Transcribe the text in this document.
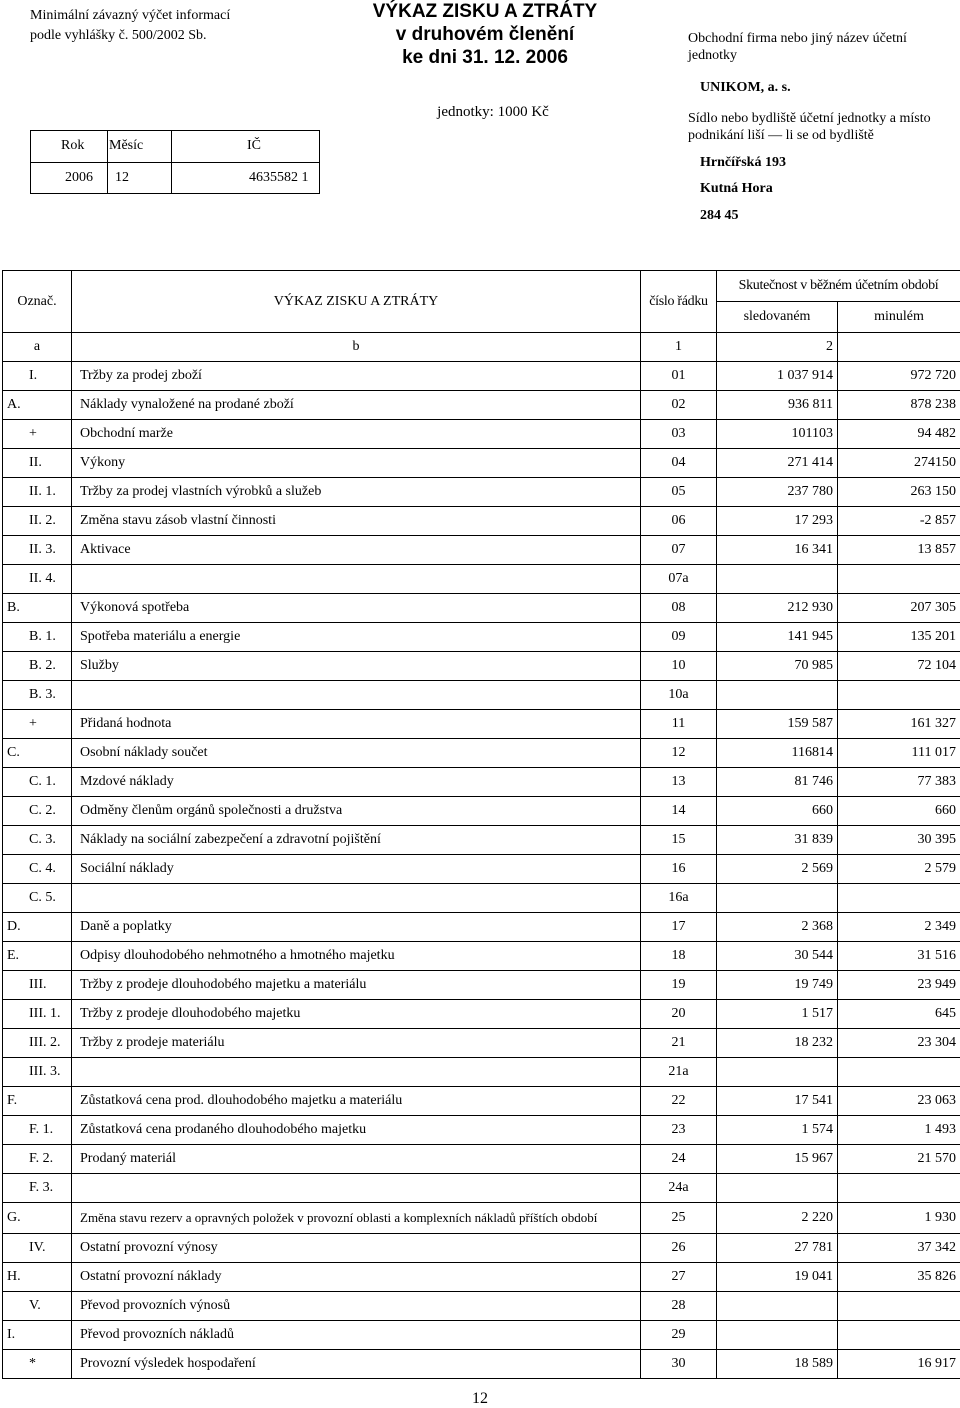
Minimální závazný výčet informací
podle vyhlášky č. 500/2002 Sb.
VÝKAZ ZISKU A ZTRÁTY
v druhovém členění
ke dni 31. 12. 2006
jednotky: 1000 Kč
Obchodní firma nebo jiný název účetní jednotky
UNIKOM, a. s.
Sídlo nebo bydliště účetní jednotky a místo podnikání liší — li se od bydliště
Hrnčířská 193
Kutná Hora
284 45
Rok Měsíc	IČ
2006 12	4635582 1
Označ.	VÝKAZ ZISKU A ZTRÁTY	číslo řádku	Skutečnost v běžném účetním období	
			sledovaném	minulém
a	b	1	2	
I.	Tržby za prodej zboží	01	1 037 914	972 720
A.	Náklady vynaložené na prodané zboží	02	936 811	878 238
+	Obchodní marže	03	101103	94 482
II.	Výkony	04	271 414	274150
II. 1.	Tržby za prodej vlastních výrobků a služeb	05	237 780	263 150
II. 2.	Změna stavu zásob vlastní činnosti	06	17 293	-2 857
II. 3.	Aktivace	07	16 341	13 857
II. 4.		07a		
B.	Výkonová spotřeba	08	212 930	207 305
B. 1.	Spotřeba materiálu a energie	09	141 945	135 201
B. 2.	Služby	10	70 985	72 104
B. 3.		10a		
+	Přidaná hodnota	11	159 587	161 327
C.	Osobní náklady součet	12	116814	111 017
C. 1.	Mzdové náklady	13	81 746	77 383
C. 2.	Odměny členům orgánů společnosti a družstva	14	660	660
C. 3.	Náklady na sociální zabezpečení a zdravotní pojištění	15	31 839	30 395
C. 4.	Sociální náklady	16	2 569	2 579
C. 5.		16a		
D.	Daně a poplatky	17	2 368	2 349
E.	Odpisy dlouhodobého nehmotného a hmotného majetku	18	30 544	31 516
III.	Tržby z prodeje dlouhodobého majetku a materiálu	19	19 749	23 949
III. 1.	Tržby z prodeje dlouhodobého majetku	20	1 517	645
III. 2.	Tržby z prodeje materiálu	21	18 232	23 304
III. 3.		21a		
F.	Zůstatková cena prod. dlouhodobého majetku a materiálu	22	17 541	23 063
F. 1.	Zůstatková cena prodaného dlouhodobého majetku	23	1 574	1 493
F. 2.	Prodaný materiál	24	15 967	21 570
F. 3.		24a		
G.	Změna stavu rezerv a opravných položek v provozní oblasti a komplexních nákladů příštích období	25	2 220	1 930
IV.	Ostatní provozní výnosy	26	27 781	37 342
H.	Ostatní provozní náklady	27	19 041	35 826
V.	Převod provozních výnosů	28		
I.	Převod provozních nákladů	29		
*	Provozní výsledek hospodaření	30	18 589	16 917
12
